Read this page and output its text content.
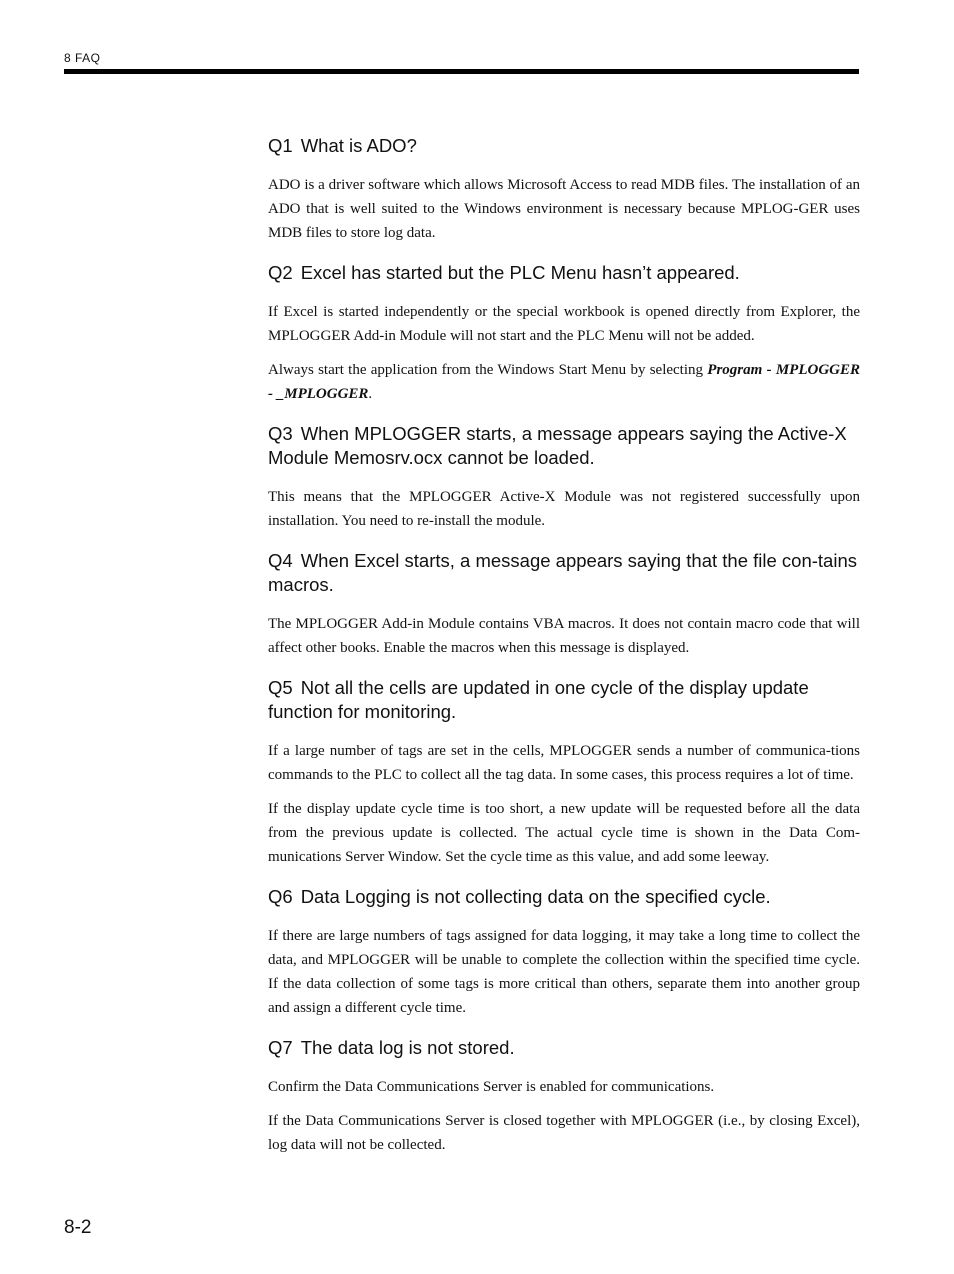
8 FAQ
Q1 What is ADO?

ADO is a driver software which allows Microsoft Access to read MDB files. The installation of an ADO that is well suited to the Windows environment is necessary because MPLOG-GER uses MDB files to store log data.

Q2 Excel has started but the PLC Menu hasn’t appeared.

If Excel is started independently or the special workbook is opened directly from Explorer, the MPLOGGER Add-in Module will not start and the PLC Menu will not be added.

Always start the application from the Windows Start Menu by selecting Program - MPLOGGER - _MPLOGGER.

Q3 When MPLOGGER starts, a message appears saying the Active-X Module Memosrv.ocx cannot be loaded.

This means that the MPLOGGER Active-X Module was not registered successfully upon installation. You need to re-install the module.

Q4 When Excel starts, a message appears saying that the file con-tains macros.

The MPLOGGER Add-in Module contains VBA macros. It does not contain macro code that will affect other books. Enable the macros when this message is displayed.

Q5 Not all the cells are updated in one cycle of the display update function for monitoring.

If a large number of tags are set in the cells, MPLOGGER sends a number of communica-tions commands to the PLC to collect all the tag data. In some cases, this process requires a lot of time.

If the display update cycle time is too short, a new update will be requested before all the data from the previous update is collected. The actual cycle time is shown in the Data Com-munications Server Window. Set the cycle time as this value, and add some leeway.

Q6 Data Logging is not collecting data on the specified cycle.

If there are large numbers of tags assigned for data logging, it may take a long time to collect the data, and MPLOGGER will be unable to complete the collection within the specified time cycle. If the data collection of some tags is more critical than others, separate them into another group and assign a different cycle time.

Q7 The data log is not stored.

Confirm the Data Communications Server is enabled for communications.

If the Data Communications Server is closed together with MPLOGGER (i.e., by closing Excel), log data will not be collected.

8-2
